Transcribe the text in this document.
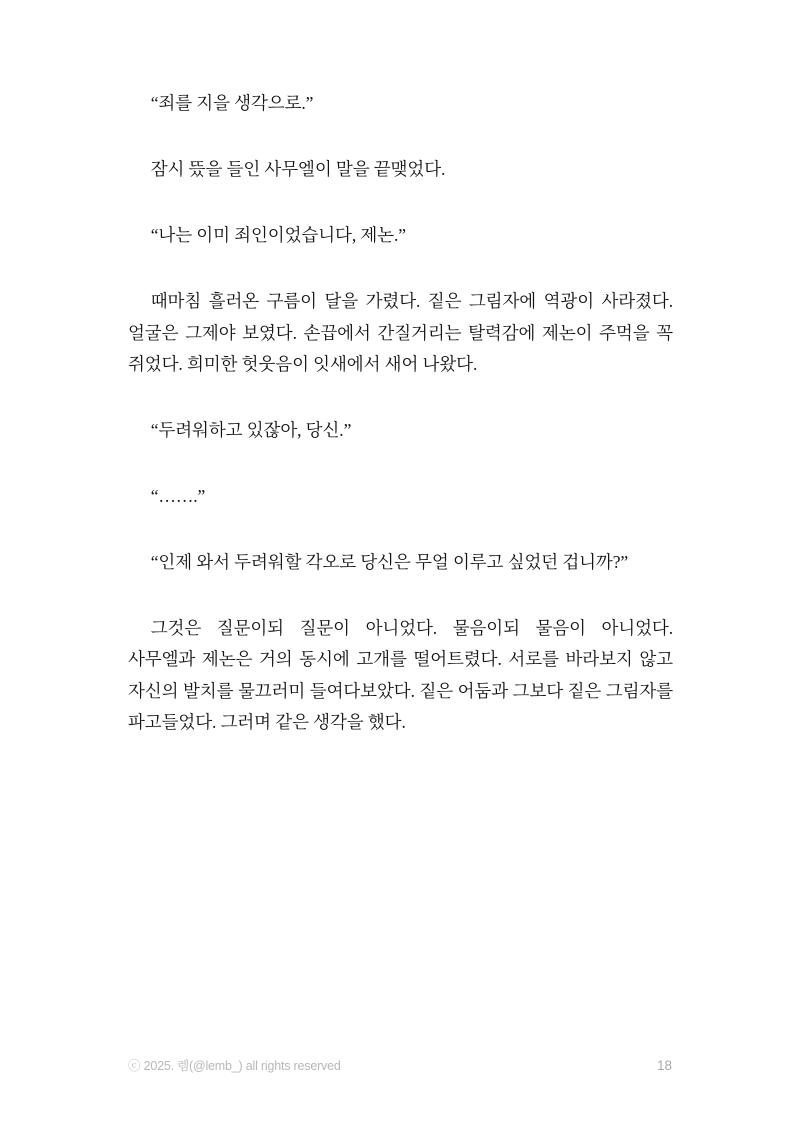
“죄를 지을 생각으로.”

잠시 뜼을 들인 사무엘이 말을 끝맺었다.

“나는 이미 죄인이었습니다, 제논.”

때마침 흘러온 구름이 달을 가렸다. 짙은 그림자에 역광이 사라졌다. 얼굴은 그제야 보였다. 손끕에서 간질거리는 탈력감에 제논이 주먹을 꼭 쥐었다. 희미한 헛웃음이 잇새에서 새어 나왔다.

“두려워하고 있잖아, 당신.”

“…….”

“인제 와서 두려워할 각오로 당신은 무얼 이루고 싶었던 겁니까?”

그것은 질문이되 질문이 아니었다. 물음이되 물음이 아니었다. 사무엘과 제논은 거의 동시에 고개를 떨어트렸다. 서로를 바라보지 않고 자신의 발치를 물끄러미 들여다보았다. 짙은 어둠과 그보다 짙은 그림자를 파고들었다. 그러며 같은 생각을 했다.

ⓒ 2025. 렘(@lemb_) all rights reserved	18
